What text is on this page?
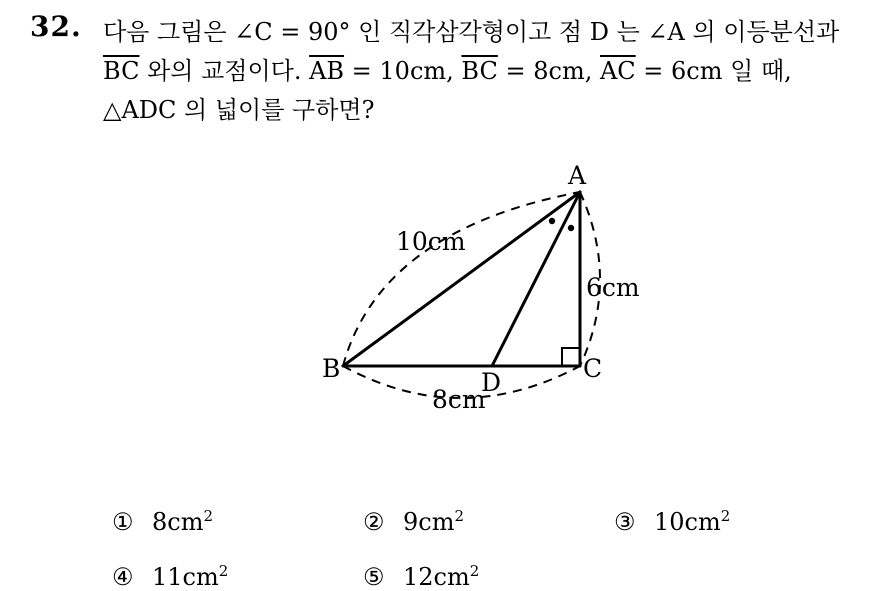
32. 다음 그림은 ∠C = 90° 인 직각삼각형이고 점 D 는 ∠A 의 이등분선과
$\overline{BC}$ 와의 교점이다. $\overline{AB} = 10cm$, $\overline{BC} = 8cm$, $\overline{AC} = 6cm$ 일 때,
△ADC 의 넓이를 구하면?
A
B	C
D
10cm
6cm
8cm
① $8cm^2$	② $9cm^2$	③ $10cm^2$
④ $11cm^2$	⑤ $12cm^2$
